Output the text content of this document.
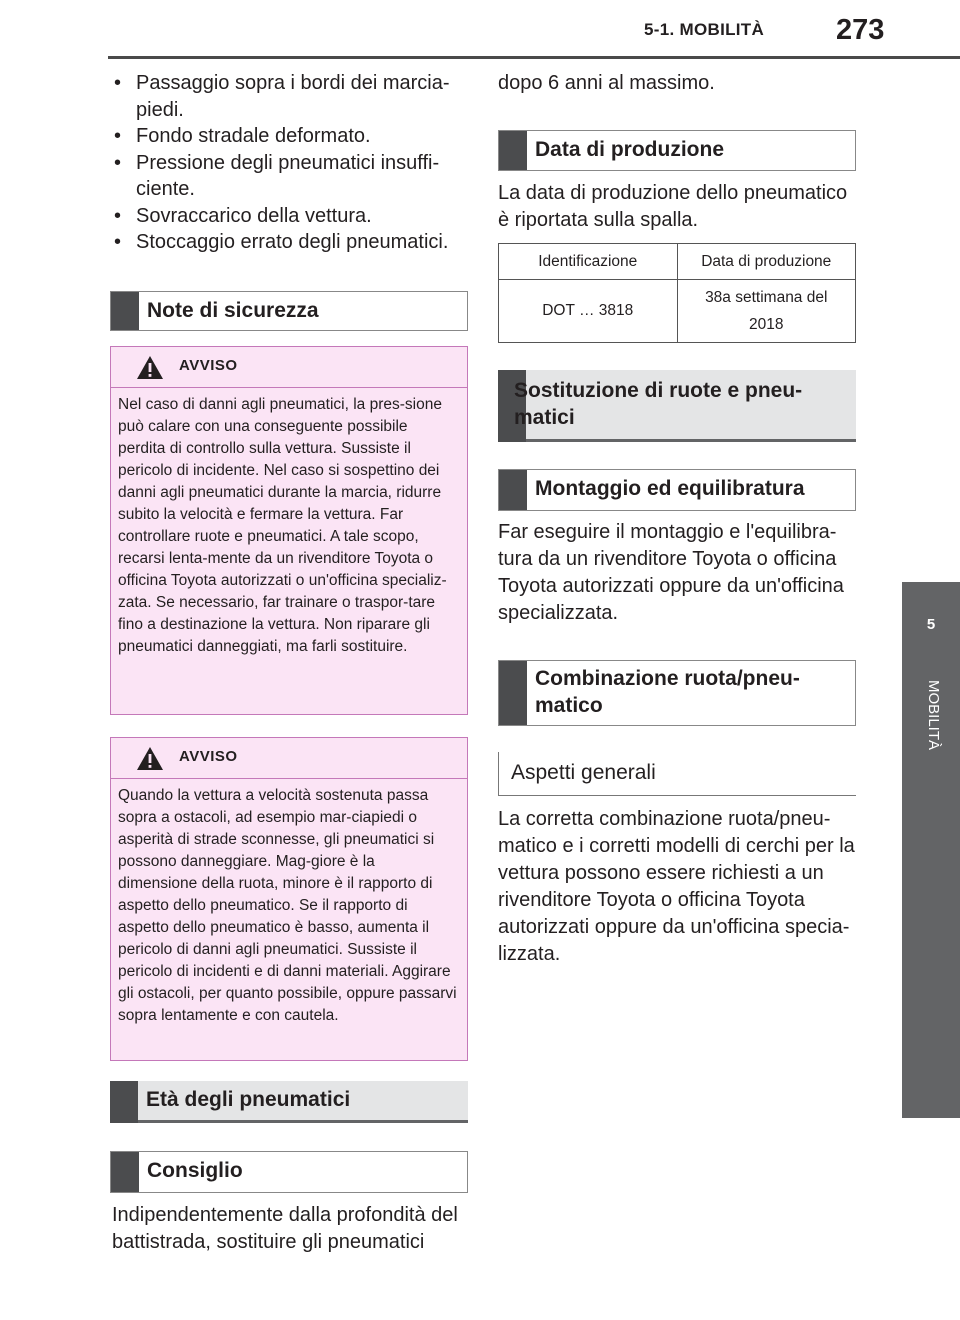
5-1. MOBILITÀ 273
5
MOBILITÀ
• Passaggio sopra i bordi dei marcia-piedi.
• Fondo stradale deformato.
• Pressione degli pneumatici insuffi-ciente.
• Sovraccarico della vettura.
• Stoccaggio errato degli pneumatici.
Note di sicurezza
AVVISO
Nel caso di danni agli pneumatici, la pres-sione può calare con una conseguente possibile perdita di controllo sulla vettura. Sussiste il pericolo di incidente. Nel caso si sospettino dei danni agli pneumatici durante la marcia, ridurre subito la velocità e fermare la vettura. Far controllare ruote e pneumatici. A tale scopo, recarsi lenta-mente da un rivenditore Toyota o officina Toyota autorizzati o un'officina specializ-zata. Se necessario, far trainare o traspor-tare fino a destinazione la vettura. Non riparare gli pneumatici danneggiati, ma farli sostituire.
AVVISO
Quando la vettura a velocità sostenuta passa sopra a ostacoli, ad esempio mar-ciapiedi o asperità di strade sconnesse, gli pneumatici si possono danneggiare. Mag-giore è la dimensione della ruota, minore è il rapporto di aspetto dello pneumatico. Se il rapporto di aspetto dello pneumatico è basso, aumenta il pericolo di danni agli pneumatici. Sussiste il pericolo di incidenti e di danni materiali. Aggirare gli ostacoli, per quanto possibile, oppure passarvi sopra lentamente e con cautela.
Età degli pneumatici
Consiglio
Indipendentemente dalla profondità del battistrada, sostituire gli pneumatici
dopo 6 anni al massimo.
Data di produzione
La data di produzione dello pneumatico è riportata sulla spalla.
Identificazione	Data di produzione
DOT … 3818	38a settimana del 2018
Sostituzione di ruote e pneu-matici
Montaggio ed equilibratura
Far eseguire il montaggio e l'equilibra-tura da un rivenditore Toyota o officina Toyota autorizzati oppure da un'officina specializzata.
Combinazione ruota/pneu-matico
Aspetti generali
La corretta combinazione ruota/pneu-matico e i corretti modelli di cerchi per la vettura possono essere richiesti a un rivenditore Toyota o officina Toyota autorizzati oppure da un'officina specia-lizzata.
